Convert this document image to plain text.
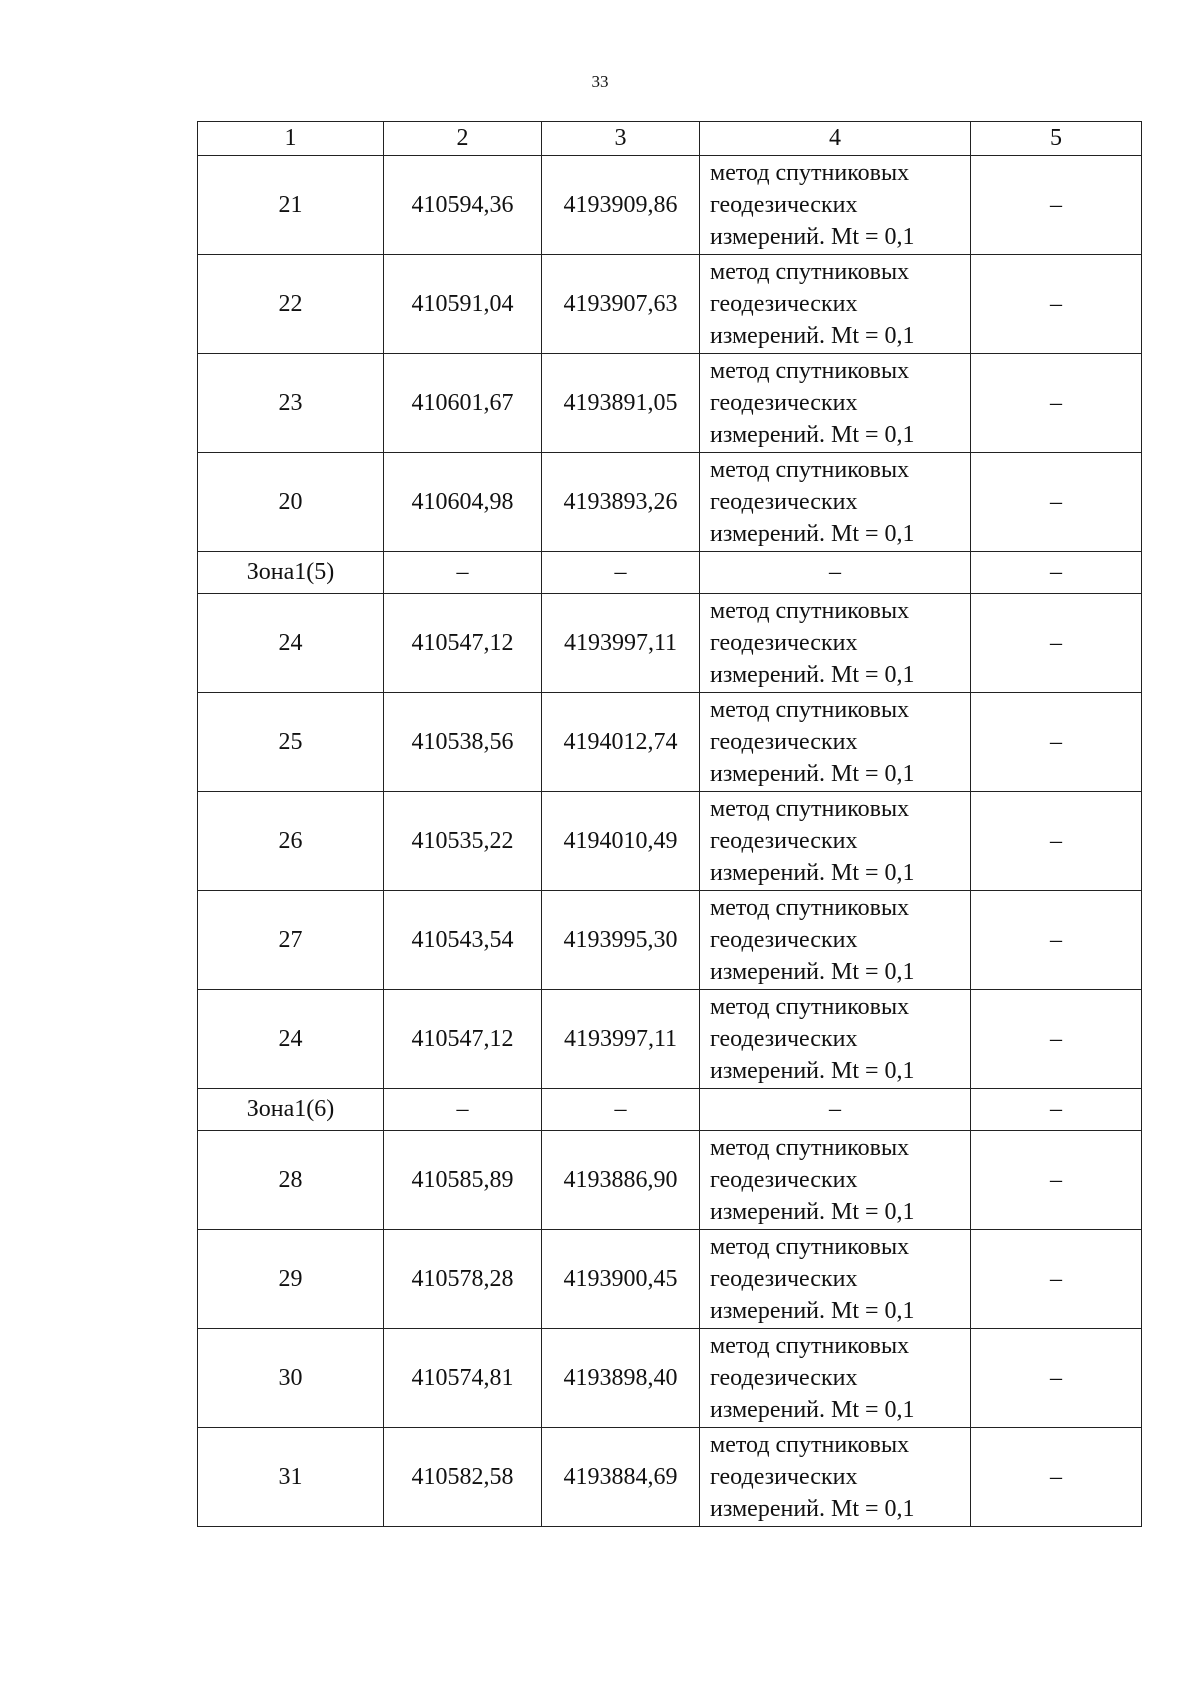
33
1	2	3	4	5
21	410594,36	4193909,86	метод спутниковых
геодезических
измерений. Mt = 0,1	–
22	410591,04	4193907,63	метод спутниковых
геодезических
измерений. Mt = 0,1	–
23	410601,67	4193891,05	метод спутниковых
геодезических
измерений. Mt = 0,1	–
20	410604,98	4193893,26	метод спутниковых
геодезических
измерений. Mt = 0,1	–
Зона1(5)	–	–	–	–
24	410547,12	4193997,11	метод спутниковых
геодезических
измерений. Mt = 0,1	–
25	410538,56	4194012,74	метод спутниковых
геодезических
измерений. Mt = 0,1	–
26	410535,22	4194010,49	метод спутниковых
геодезических
измерений. Mt = 0,1	–
27	410543,54	4193995,30	метод спутниковых
геодезических
измерений. Mt = 0,1	–
24	410547,12	4193997,11	метод спутниковых
геодезических
измерений. Mt = 0,1	–
Зона1(6)	–	–	–	–
28	410585,89	4193886,90	метод спутниковых
геодезических
измерений. Mt = 0,1	–
29	410578,28	4193900,45	метод спутниковых
геодезических
измерений. Mt = 0,1	–
30	410574,81	4193898,40	метод спутниковых
геодезических
измерений. Mt = 0,1	–
31	410582,58	4193884,69	метод спутниковых
геодезических
измерений. Mt = 0,1	–
